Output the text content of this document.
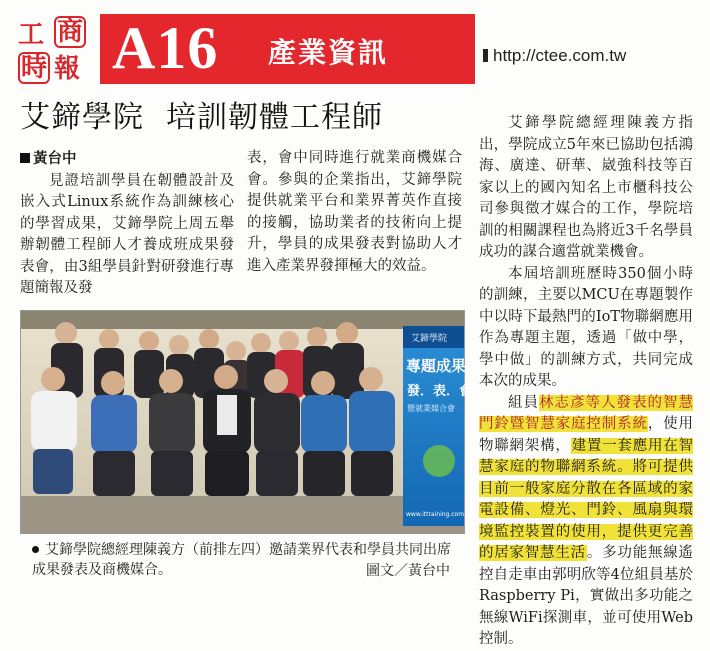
工 商
時 報 A16 產業資訊	http://ctee.com.tw
艾鍗學院 培訓韌體工程師

黃台中

見證培訓學員在韌體設計及嵌入式Linux系統作為訓練核心的學習成果，艾鍗學院上周五舉辦韌體工程師人才養成班成果發表會，由3組學員針對研發進行專題簡報及發

表，會中同時進行就業商機媒合會。參與的企業指出，艾鍗學院提供就業平台和業界菁英作直接的接觸，協助業者的技術向上提升，學員的成果發表對協助人才進入產業界發揮極大的效益。

艾鍗學院總經理陳義方指出，學院成立5年來已協助包括鴻海、廣達、研華、崴強科技等百家以上的國內知名上市櫃科技公司參與徵才媒合的工作，學院培訓的相關課程也為將近3千名學員成功的謀合適當就業機會。

本屆培訓班歷時350個小時的訓練，主要以MCU在專題製作中以時下最熱門的IoT物聯網應用作為專題主題，透過「做中學，學中做」的訓練方式，共同完成本次的成果。

組員林志彥等人發表的智慧門鈴暨智慧家庭控制系統，使用物聯網架構，建置一套應用在智慧家庭的物聯網系統。將可提供目前一般家庭分散在各區域的家電設備、燈光、門鈴、風扇與環境監控裝置的使用，提供更完善的居家智慧生活。多功能無線遙控自走車由郭明欣等4位組員基於Raspberry Pi，實做出多功能之無線WiFi探測車，並可使用Web控制。

艾鍗學院
專題成果
發．表．會
暨就業媒合會
www.ittraining.com.tw
艾鍗學院總經理陳義方（前排左四）邀請業界代表和學員共同出席成果發表及商機媒合。	圖文／黃台中
